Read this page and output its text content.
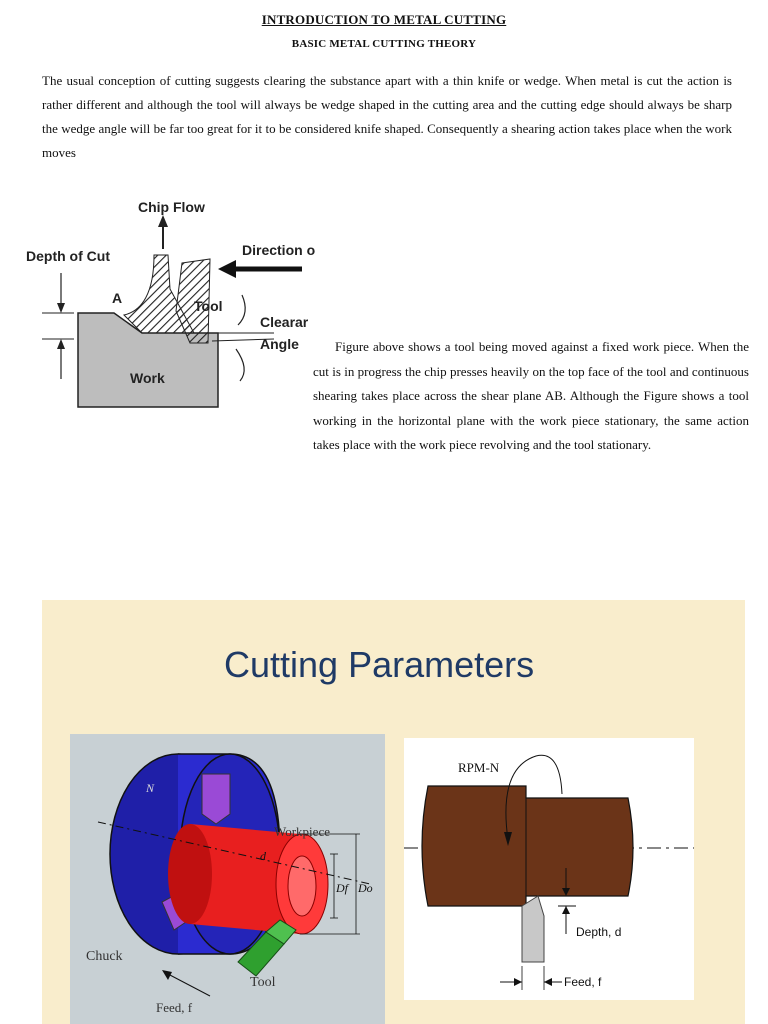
INTRODUCTION TO METAL CUTTING
BASIC METAL CUTTING THEORY

The usual conception of cutting suggests clearing the substance apart with a thin knife or wedge. When metal is cut the action is rather different and although the tool will always be wedge shaped in the cutting area and the cutting edge should always be sharp the wedge angle will be far too great for it to be considered knife shaped. Consequently a shearing action takes place when the work moves

Chip Flow
Depth of Cut	Direction o
A	Tool
Clearar
Angle
Work

Figure above shows a tool being moved against a fixed work piece. When the cut is in progress the chip presses heavily on the top face of the tool and continuous shearing takes place across the shear plane AB. Although the Figure shows a tool working in the horizontal plane with the work piece stationary, the same action takes place with the work piece revolving and the tool stationary.

Cutting Parameters
Workpiece
Chuck
Tool
Feed, f
N
d
Df Do
RPM-N
Depth, d
Feed, f
